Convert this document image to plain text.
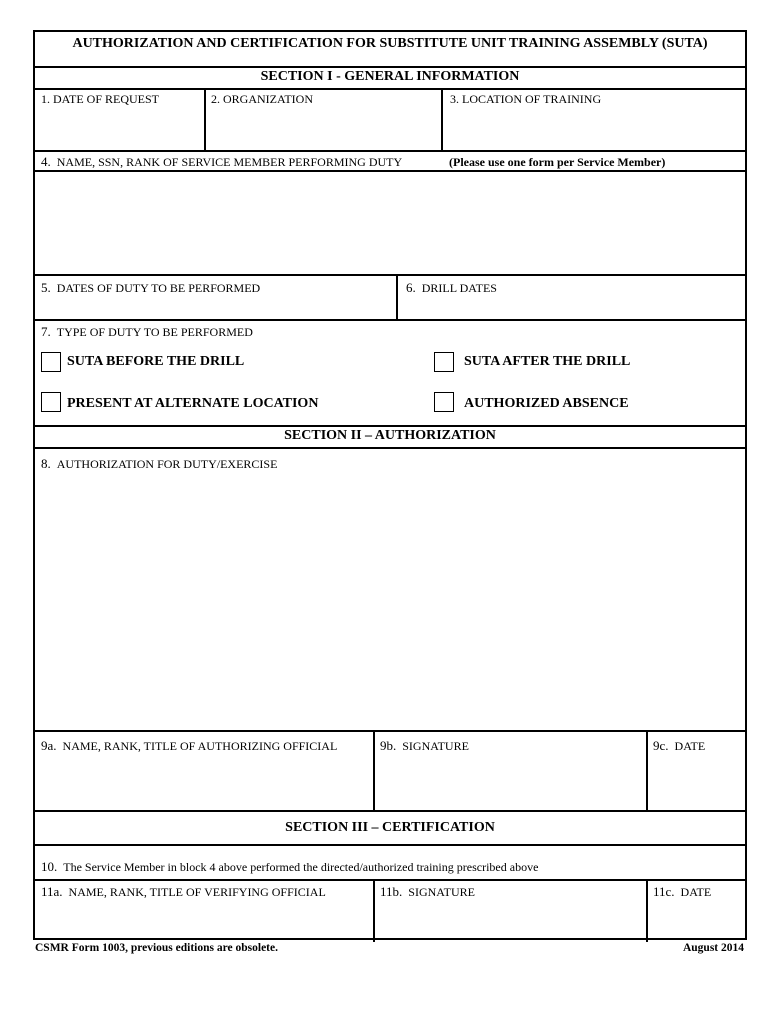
AUTHORIZATION AND CERTIFICATION FOR SUBSTITUTE UNIT TRAINING ASSEMBLY (SUTA)
SECTION I - GENERAL INFORMATION
1. DATE OF REQUEST	2. ORGANIZATION	3. LOCATION OF TRAINING
4. NAME, SSN, RANK OF SERVICE MEMBER PERFORMING DUTY	(Please use one form per Service Member)
5. DATES OF DUTY TO BE PERFORMED	6. DRILL DATES
7. TYPE OF DUTY TO BE PERFORMED
SUTA BEFORE THE DRILL	SUTA AFTER THE DRILL
PRESENT AT ALTERNATE LOCATION	AUTHORIZED ABSENCE
SECTION II – AUTHORIZATION
8. AUTHORIZATION FOR DUTY/EXERCISE
9a. NAME, RANK, TITLE OF AUTHORIZING OFFICIAL	9b. SIGNATURE	9c. DATE
SECTION III – CERTIFICATION
10. The Service Member in block 4 above performed the directed/authorized training prescribed above
11a. NAME, RANK, TITLE OF VERIFYING OFFICIAL	11b. SIGNATURE	11c. DATE
CSMR Form 1003, previous editions are obsolete.	August 2014
